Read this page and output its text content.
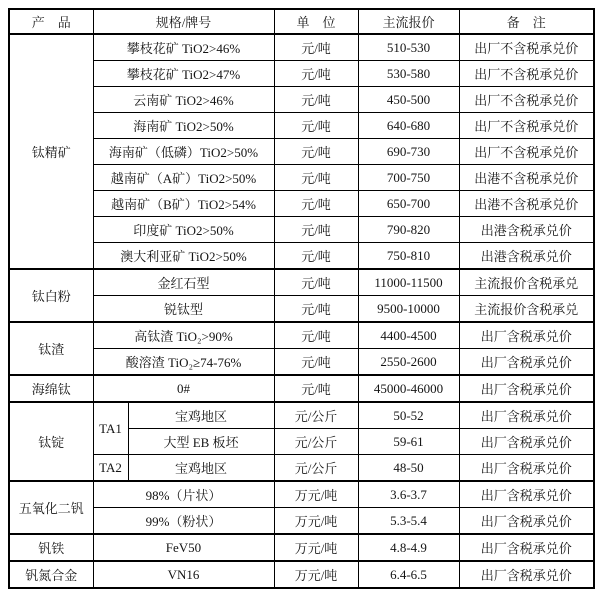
产　品	规格/牌号		单　位	主流报价	备　注
钛精矿	攀枝花矿 TiO2>46%		元/吨	510-530	出厂不含税承兑价
	攀枝花矿 TiO2>47%		元/吨	530-580	出厂不含税承兑价
	云南矿 TiO2>46%		元/吨	450-500	出厂不含税承兑价
	海南矿 TiO2>50%		元/吨	640-680	出厂不含税承兑价
	海南矿（低磷）TiO2>50%		元/吨	690-730	出厂不含税承兑价
	越南矿（A矿）TiO2>50%		元/吨	700-750	出港不含税承兑价
	越南矿（B矿）TiO2>54%		元/吨	650-700	出港不含税承兑价
	印度矿 TiO2>50%		元/吨	790-820	出港含税承兑价
	澳大利亚矿 TiO2>50%		元/吨	750-810	出港含税承兑价
钛白粉	金红石型		元/吨	11000-11500	主流报价含税承兑
	锐钛型		元/吨	9500-10000	主流报价含税承兑
钛渣	高钛渣 TiO₂>90%		元/吨	4400-4500	出厂含税承兑价
	酸溶渣 TiO₂≥74-76%		元/吨	2550-2600	出厂含税承兑价
海绵钛	0#		元/吨	45000-46000	出厂含税承兑价
钛锭	TA1	宝鸡地区	元/公斤	50-52	出厂含税承兑价
		大型 EB 板坯	元/公斤	59-61	出厂含税承兑价
	TA2	宝鸡地区	元/公斤	48-50	出厂含税承兑价
五氧化二钒	98%（片状）		万元/吨	3.6-3.7	出厂含税承兑价
	99%（粉状）		万元/吨	5.3-5.4	出厂含税承兑价
钒铁	FeV50		万元/吨	4.8-4.9	出厂含税承兑价
钒氮合金	VN16		万元/吨	6.4-6.5	出厂含税承兑价
